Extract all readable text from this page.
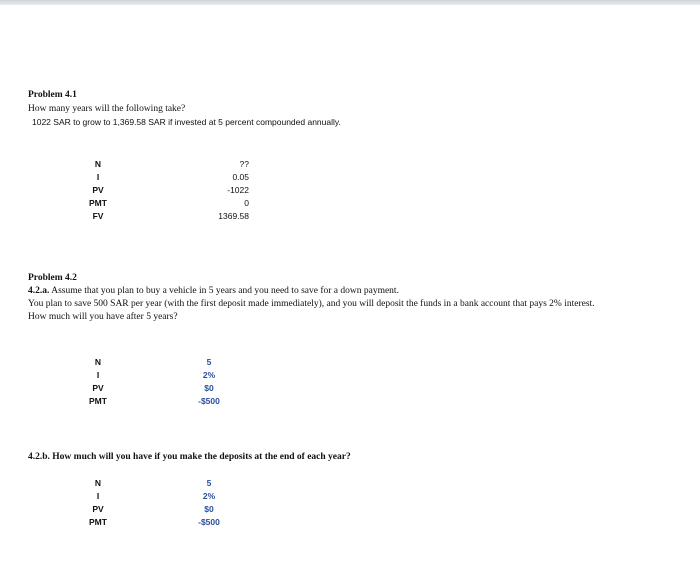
Problem 4.1
How many years will the following take?
1022 SAR to grow to 1,369.58 SAR if invested at 5 percent compounded annually.
N	??
I	0.05
PV	-1022
PMT	0
FV	1369.58
Problem 4.2
4.2.a. Assume that you plan to buy a vehicle in 5 years and you need to save for a down payment.
You plan to save 500 SAR per year (with the first deposit made immediately), and you will deposit the funds in a bank account that pays 2% interest.
How much will you have after 5 years?
N	5
I	2%
PV	$0
PMT	-$500
4.2.b. How much will you have if you make the deposits at the end of each year?
N	5
I	2%
PV	$0
PMT	-$500
